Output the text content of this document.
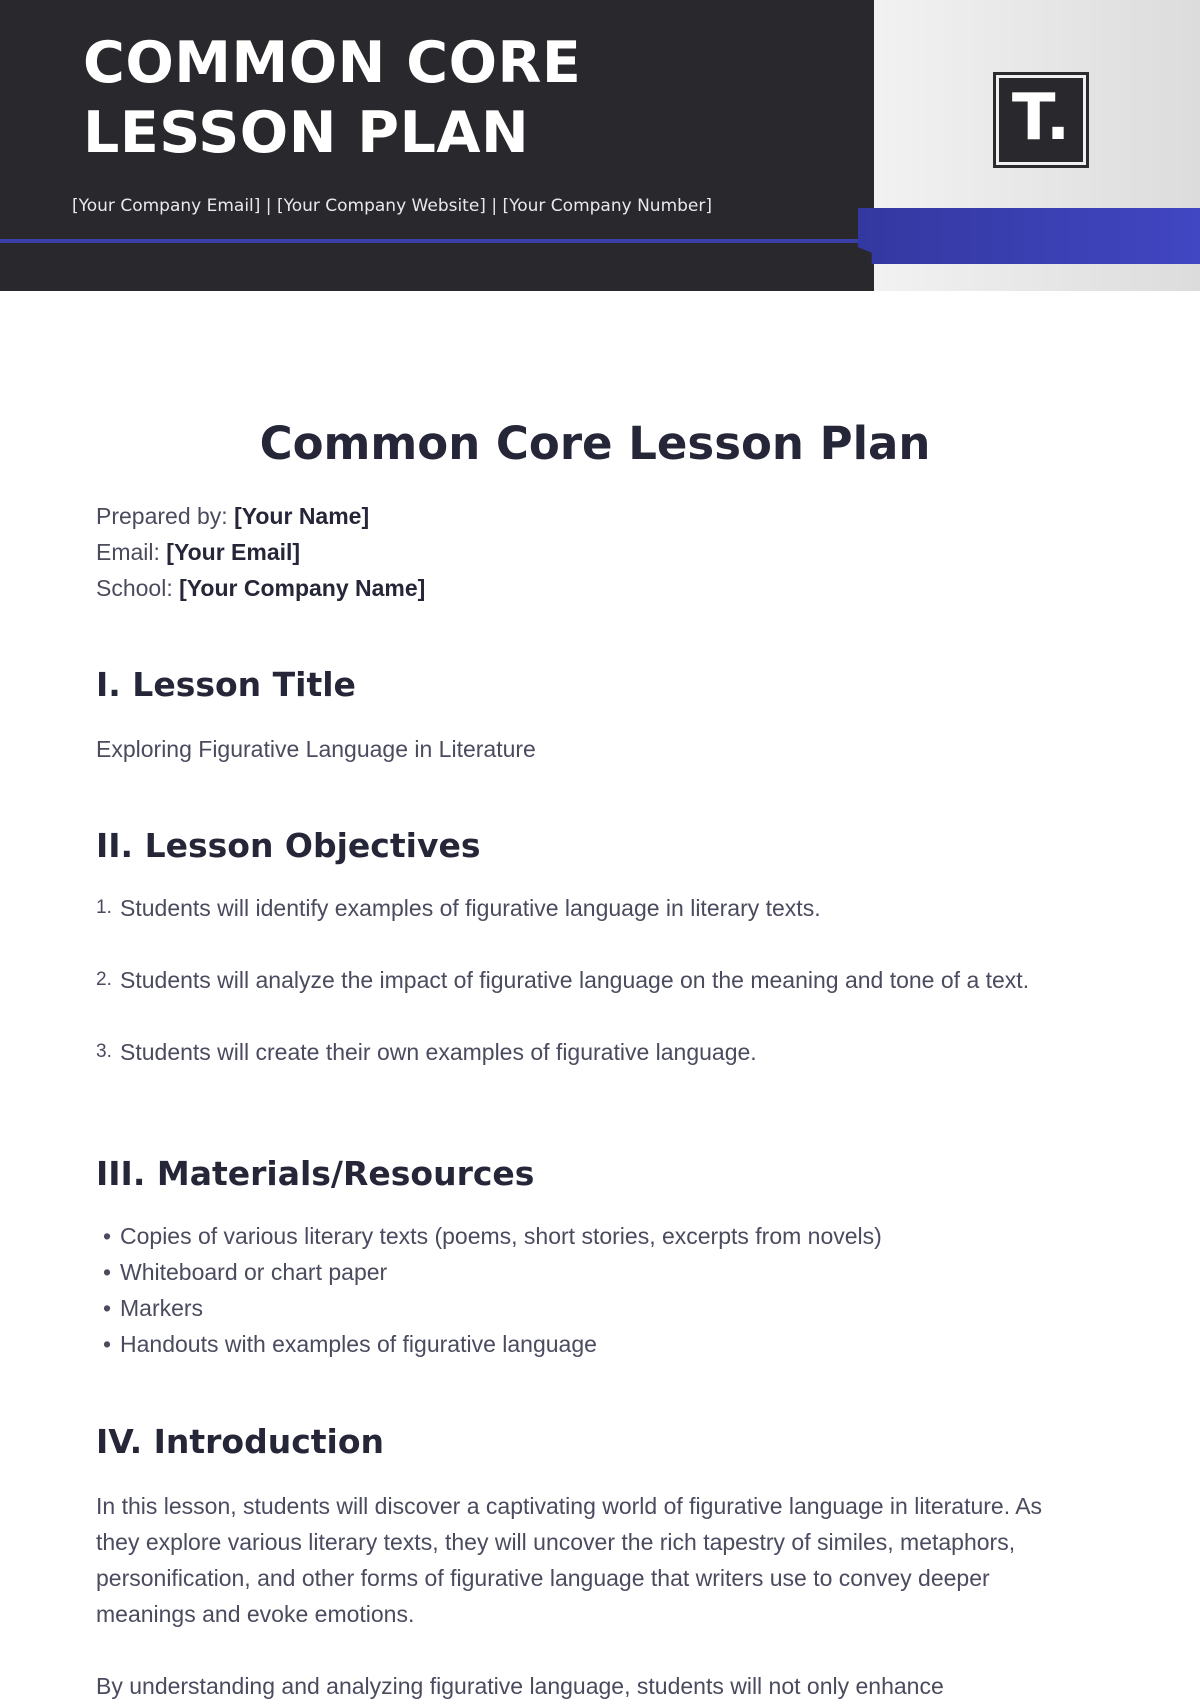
COMMON CORE
LESSON PLAN
[Your Company Email] | [Your Company Website] | [Your Company Number]
T.
Common Core Lesson Plan
Prepared by: [Your Name]
Email: [Your Email]
School: [Your Company Name]
I. Lesson Title

Exploring Figurative Language in Literature

II. Lesson Objectives
1. Students will identify examples of figurative language in literary texts.
2. Students will analyze the impact of figurative language on the meaning and tone of a text.
3. Students will create their own examples of figurative language.
III. Materials/Resources
• Copies of various literary texts (poems, short stories, excerpts from novels)
• Whiteboard or chart paper
• Markers
• Handouts with examples of figurative language
IV. Introduction

In this lesson, students will discover a captivating world of figurative language in literature. As they explore various literary texts, they will uncover the rich tapestry of similes, metaphors, personification, and other forms of figurative language that writers use to convey deeper meanings and evoke emotions.

By understanding and analyzing figurative language, students will not only enhance
